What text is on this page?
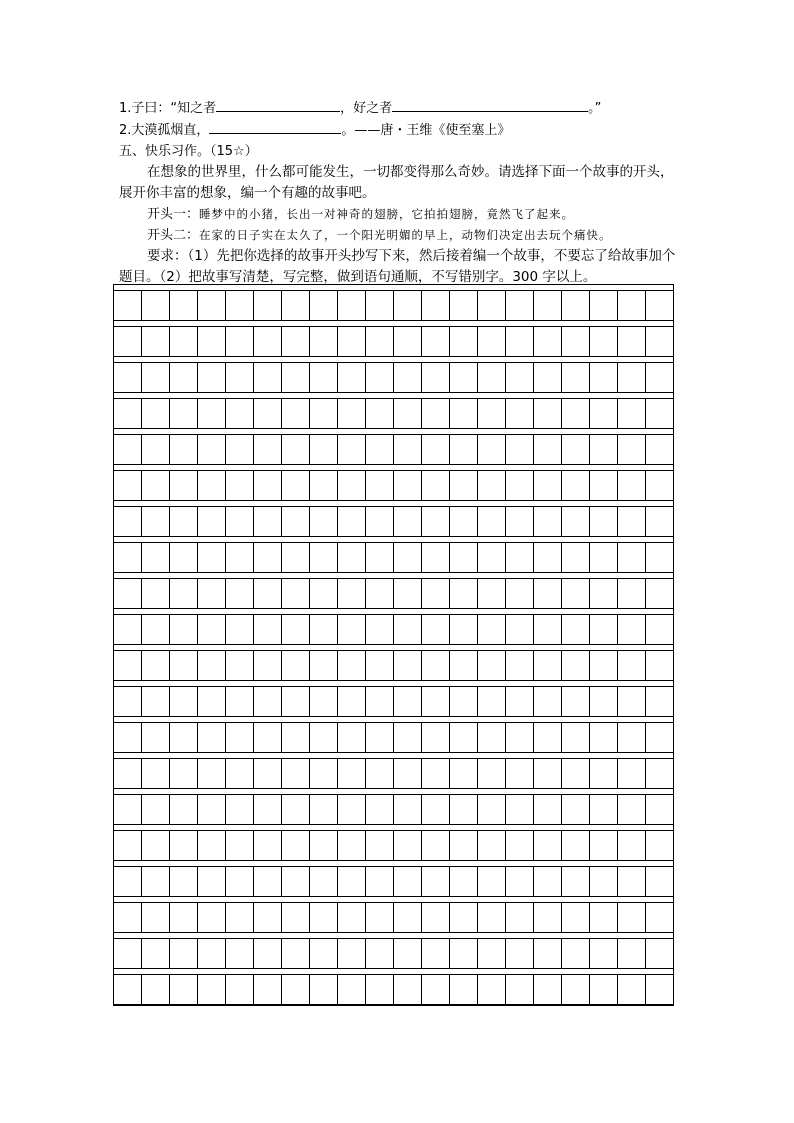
1.子曰：“知之者	，好之者	。”
2.大漠孤烟直，	。——唐・王维《使至塞上》
五、快乐习作。（15☆）
在想象的世界里，什么都可能发生，一切都变得那么奇妙。请选择下面一个故事的开头，展开你丰富的想象，编一个有趣的故事吧。
开头一：睡梦中的小猪，长出一对神奇的翅膀，它拍拍翅膀，竟然飞了起来。
开头二：在家的日子实在太久了，一个阳光明媚的早上，动物们决定出去玩个痛快。
要求：（1）先把你选择的故事开头抄写下来，然后接着编一个故事，不要忘了给故事加个题目。（2）把故事写清楚，写完整，做到语句通顺，不写错别字。300 字以上。
